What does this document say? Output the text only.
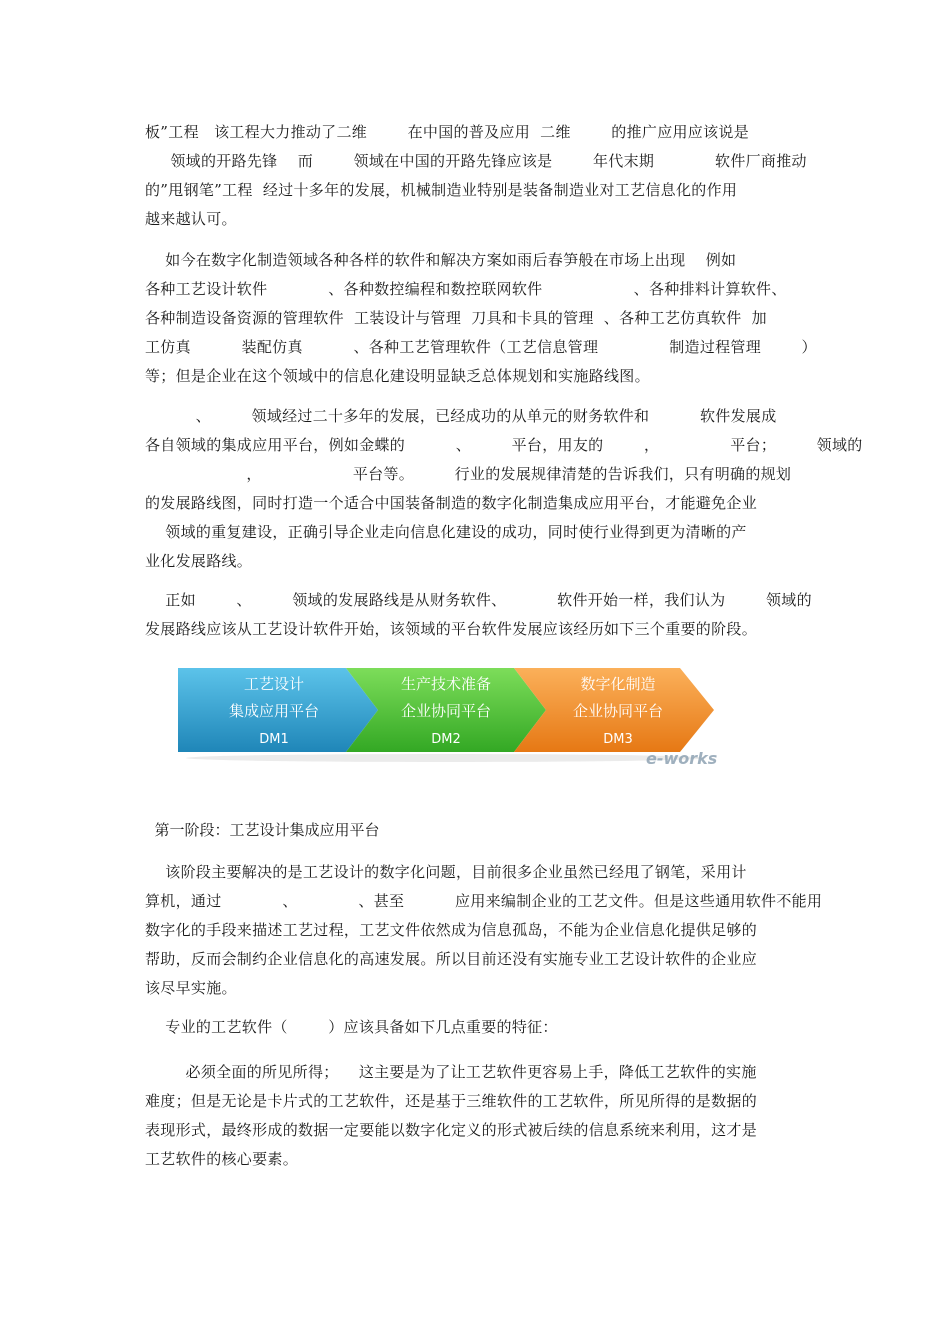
板”工程   该工程大力推动了二维        在中国的普及应用  二维        的推广应用应该说是
领域的开路先锋    而        领域在中国的开路先锋应该是        年代末期            软件厂商推动
的”甩钢笔”工程  经过十多年的发展，机械制造业特别是装备制造业对工艺信息化的作用
越来越认可。
如今在数字化制造领域各种各样的软件和解决方案如雨后春笋般在市场上出现    例如
各种工艺设计软件            、各种数控编程和数控联网软件                  、各种排料计算软件、
各种制造设备资源的管理软件  工装设计与管理  刀具和卡具的管理  、各种工艺仿真软件  加
工仿真          装配仿真          、各种工艺管理软件（工艺信息管理              制造过程管理        ）
等；但是企业在这个领域中的信息化建设明显缺乏总体规划和实施路线图。
、        领域经过二十多年的发展，已经成功的从单元的财务软件和          软件发展成
各自领域的集成应用平台，例如金蝶的          、        平台，用友的        ，              平台；        领域的
，                  平台等。        行业的发展规律清楚的告诉我们，只有明确的规划
的发展路线图，同时打造一个适合中国装备制造的数字化制造集成应用平台，才能避免企业
领域的重复建设，正确引导企业走向信息化建设的成功，同时使行业得到更为清晰的产
业化发展路线。
正如        、        领域的发展路线是从财务软件、          软件开始一样，我们认为        领域的
发展路线应该从工艺设计软件开始，该领域的平台软件发展应该经历如下三个重要的阶段。
工艺设计
集成应用平台
DM1
生产技术准备
企业协同平台
DM2
数字化制造
企业协同平台
DM3
e-works
第一阶段：工艺设计集成应用平台
该阶段主要解决的是工艺设计的数字化问题，目前很多企业虽然已经甩了钢笔，采用计
算机，通过            、            、甚至          应用来编制企业的工艺文件。但是这些通用软件不能用
数字化的手段来描述工艺过程，工艺文件依然成为信息孤岛，不能为企业信息化提供足够的
帮助，反而会制约企业信息化的高速发展。所以目前还没有实施专业工艺设计软件的企业应
该尽早实施。
专业的工艺软件（        ）应该具备如下几点重要的特征：
必须全面的所见所得；    这主要是为了让工艺软件更容易上手，降低工艺软件的实施
难度；但是无论是卡片式的工艺软件，还是基于三维软件的工艺软件，所见所得的是数据的
表现形式，最终形成的数据一定要能以数字化定义的形式被后续的信息系统来利用，这才是
工艺软件的核心要素。
